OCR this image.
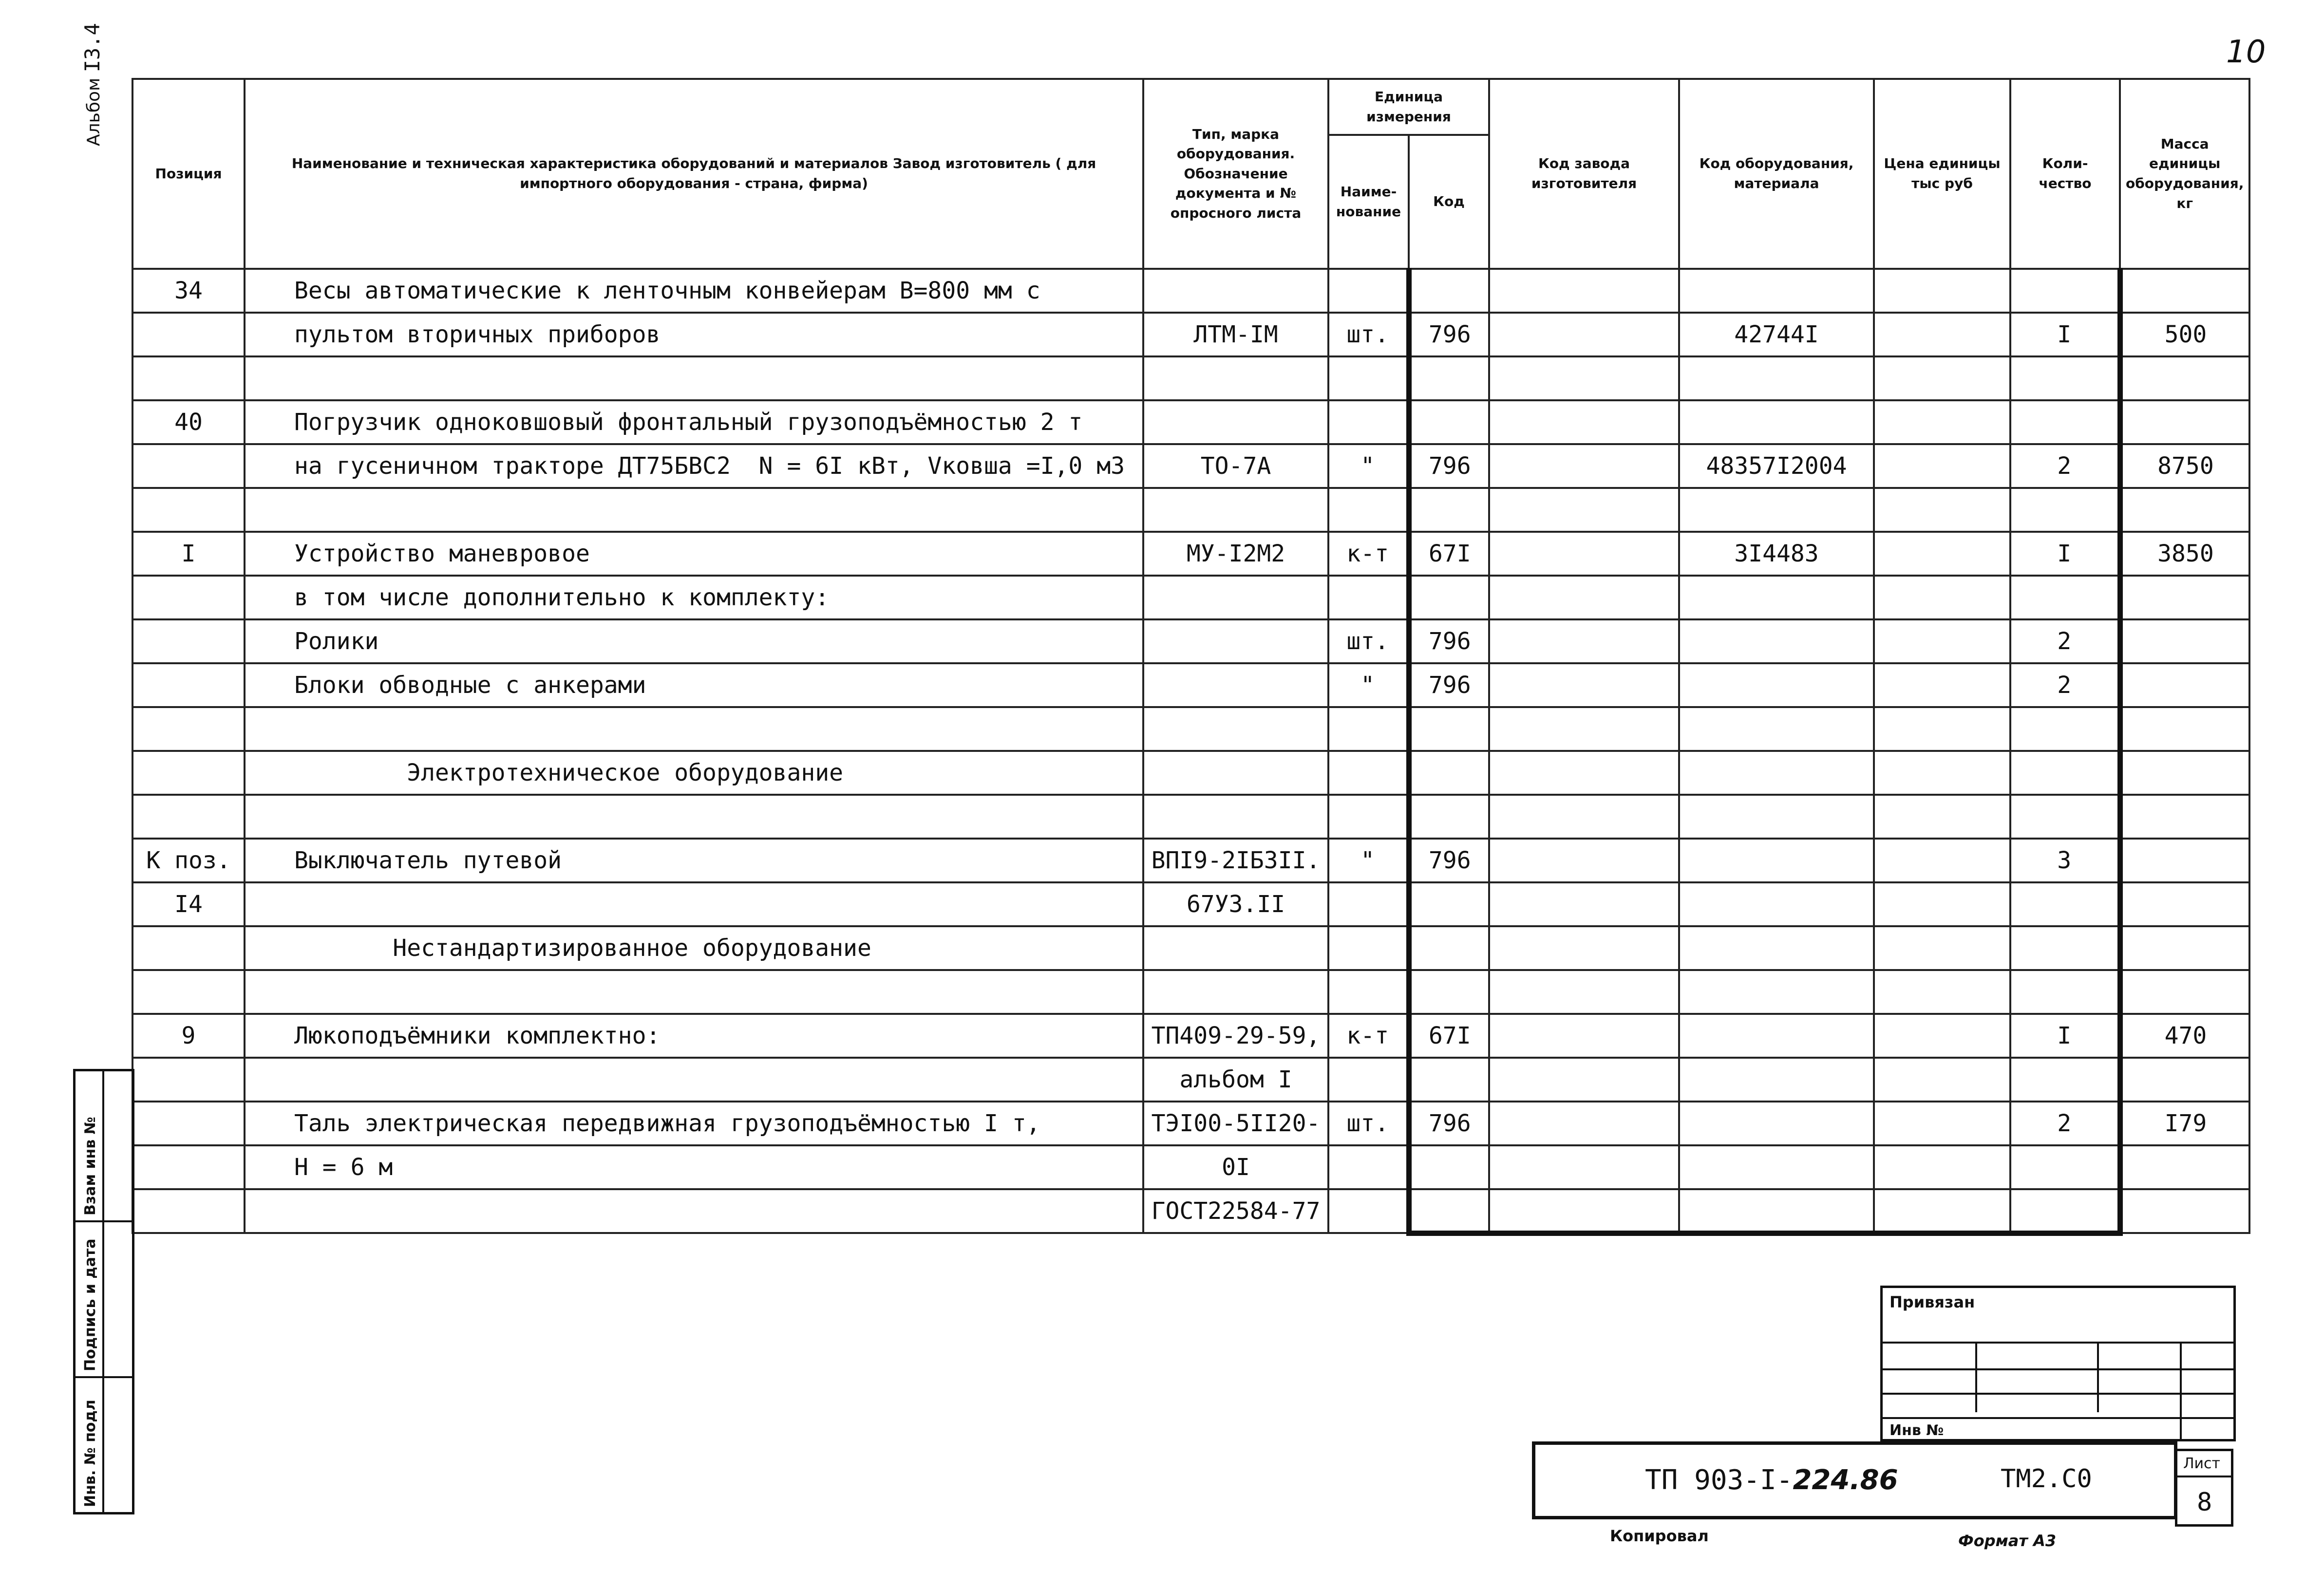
10
Альбом I3.4
Позиция	Наименование и техническая характеристика оборудований и материалов Завод изготовитель ( для импортного оборудования - страна, фирма)	Тип, марка оборудования. Обозначение документа и № опросного листа	Единица измерения		Код завода изготовителя	Код оборудования, материала	Цена единицы тыс руб	Коли-чество	Масса единицы оборудования, кг
			Наиме-нование	Код					
34	Весы автоматические к ленточным конвейерам В=800 мм с								
	пультом вторичных приборов	ЛТМ-IМ	шт.	796		42744I		I	500

40	Погрузчик одноковшовый фронтальный грузоподъёмностью 2 т								
	на гусеничном тракторе ДТ75БВС2  N = 6I кВт, Vковша =I,0 м3	ТО-7А	"	796		48357I2004		2	8750

I	Устройство маневровое	МУ-I2М2	к-т	67I		3I4483		I	3850
	в том числе дополнительно к комплекту:								
	Ролики		шт.	796				2	
	Блоки обводные с анкерами		"	796				2	

	Электротехническое оборудование								

К поз.	Выключатель путевой	ВПI9-2IБ3II.	"	796				3	
I4		67У3.II							
	Нестандартизированное оборудование								

9	Люкоподъёмники комплектно:	ТП409-29-59,	к-т	67I				I	470
		альбом I							
	Таль электрическая передвижная грузоподъёмностью I т,	ТЭI00-5II20-	шт.	796				2	I79
	Н = 6 м	0I							
		ГОСТ22584-77							
Взам инв №
Подпись и дата
Инв. № подл
Привязан
Инв №
ТП 903-I-224.86	ТМ2.С0
Лист
8
Копировал	Формат А3
